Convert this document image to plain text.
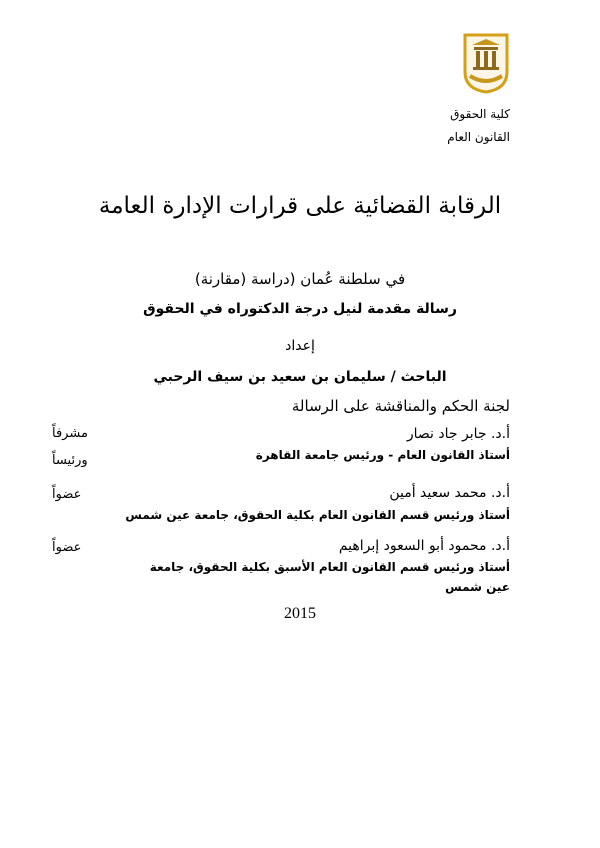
كلية الحقوق

القانون العام

الرقابة القضائية على قرارات الإدارة العامة

في سلطنة عُمان (دراسة (مقارنة)

رسالة مقدمة لنيل درجة الدكتوراه في الحقوق

إعداد

الباحث / سليمان بن سعيد بن سيف الرحبي

لجنة الحكم والمناقشة على الرسالة

أ.د. جابر جاد نصار

أستاذ القانون العام - ورئيس جامعة القاهرة

مشرفاً

ورئيساً

أ.د. محمد سعيد أمين

أستاذ ورئيس قسم القانون العام بكلية الحقوق، جامعة عين شمس

عضواً

أ.د. محمود أبو السعود إبراهيم

أستاذ ورئيس قسم القانون العام الأسبق بكلية الحقوق، جامعة عين شمس

عضواً

2015
